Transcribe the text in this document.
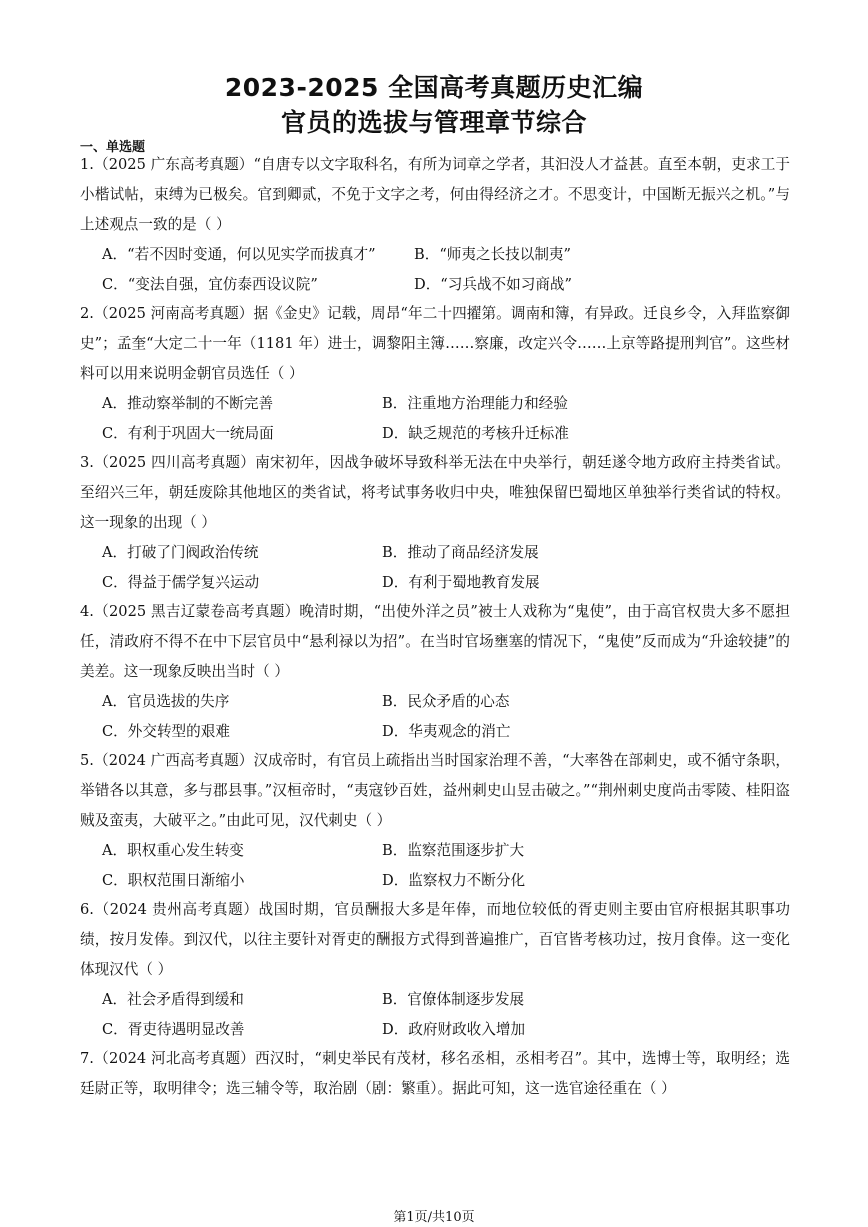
2023-2025 全国高考真题历史汇编
官员的选拔与管理章节综合
一、单选题
1.（2025 广东高考真题）“自唐专以文字取科名，有所为词章之学者，其汩没人才益甚。直至本朝，吏求工于小楷试帖，束缚为已极矣。官到卿贰，不免于文字之考，何由得经济之才。不思变计，中国断无振兴之机。”与上述观点一致的是（ ）
A．“若不因时变通，何以见实学而拔真才”	B．“师夷之长技以制夷”
C．“变法自强，宜仿泰西设议院”	D．“习兵战不如习商战”
2.（2025 河南高考真题）据《金史》记载，周昂“年二十四擢第。调南和簿，有异政。迁良乡令，入拜监察御史”；孟奎“大定二十一年（1181 年）进士，调黎阳主簿……察廉，改定兴令……上京等路提刑判官”。这些材料可以用来说明金朝官员选任（ ）
A．推动察举制的不断完善	B．注重地方治理能力和经验
C．有利于巩固大一统局面	D．缺乏规范的考核升迁标准
3.（2025 四川高考真题）南宋初年，因战争破坏导致科举无法在中央举行，朝廷遂令地方政府主持类省试。至绍兴三年，朝廷废除其他地区的类省试，将考试事务收归中央，唯独保留巴蜀地区单独举行类省试的特权。这一现象的出现（ ）
A．打破了门阀政治传统	B．推动了商品经济发展
C．得益于儒学复兴运动	D．有利于蜀地教育发展
4.（2025 黑吉辽蒙卷高考真题）晚清时期，“出使外洋之员”被士人戏称为“鬼使”，由于高官权贵大多不愿担任，清政府不得不在中下层官员中“悬利禄以为招”。在当时官场壅塞的情况下，“鬼使”反而成为“升途较捷”的美差。这一现象反映出当时（ ）
A．官员选拔的失序	B．民众矛盾的心态
C．外交转型的艰难	D．华夷观念的消亡
5.（2024 广西高考真题）汉成帝时，有官员上疏指出当时国家治理不善，“大率咎在部刺史，或不循守条职，举错各以其意，多与郡县事。”汉桓帝时，“夷寇钞百姓，益州刺史山昱击破之。”“荆州刺史度尚击零陵、桂阳盗贼及蛮夷，大破平之。”由此可见，汉代刺史（ ）
A．职权重心发生转变	B．监察范围逐步扩大
C．职权范围日渐缩小	D．监察权力不断分化
6.（2024 贵州高考真题）战国时期，官员酬报大多是年俸，而地位较低的胥吏则主要由官府根据其职事功绩，按月发俸。到汉代，以往主要针对胥吏的酬报方式得到普遍推广，百官皆考核功过，按月食俸。这一变化体现汉代（ ）
A．社会矛盾得到缓和	B．官僚体制逐步发展
C．胥吏待遇明显改善	D．政府财政收入增加
7.（2024 河北高考真题）西汉时，“刺史举民有茂材，移名丞相，丞相考召”。其中，选博士等，取明经；选廷尉正等，取明律令；选三辅令等，取治剧（剧：繁重）。据此可知，这一选官途径重在（ ）
第1页/共10页
